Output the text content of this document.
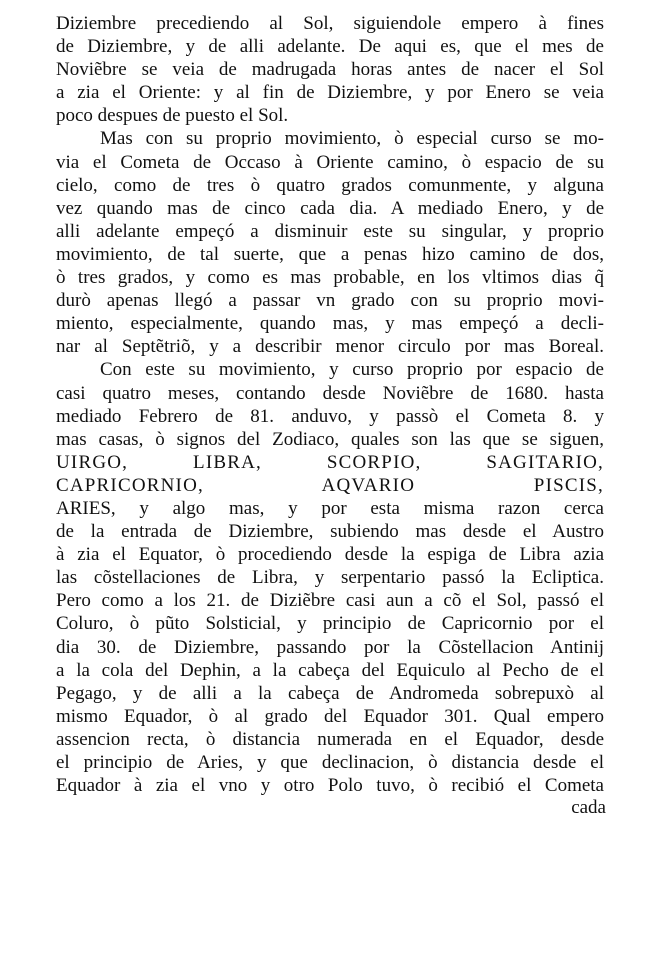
Diziembre precediendo al Sol, siguiendole empero à fines
de Diziembre, y de alli adelante. De aqui es, que el mes de
Noviẽbre se veia de madrugada horas antes de nacer el Sol
a zia el Oriente: y al fin de Diziembre, y por Enero se veia
poco despues de puesto el Sol.
Mas con su proprio movimiento, ò especial curso se mo-
via el Cometa de Occaso à Oriente camino, ò espacio de su
cielo, como de tres ò quatro grados comunmente, y alguna
vez quando mas de cinco cada dia. A mediado Enero, y de
alli adelante empeçó a disminuir este su singular, y proprio
movimiento, de tal suerte, que a penas hizo camino de dos,
ò tres grados, y como es mas probable, en los vltimos dias q̃
durò apenas llegó a passar vn grado con su proprio movi-
miento, especialmente, quando mas, y mas empeçó a decli-
nar al Septẽtriõ, y a describir menor circulo por mas Boreal.
Con este su movimiento, y curso proprio por espacio de
casi quatro meses, contando desde Noviẽbre de 1680. hasta
mediado Febrero de 81. anduvo, y passò el Cometa 8. y
mas casas, ò signos del Zodiaco, quales son las que se siguen,
UIRGO, LIBRA, SCORPIO, SAGITARIO,
CAPRICORNIO, AQVARIO PISCIS,
ARIES, y algo mas, y por esta misma razon cerca
de la entrada de Diziembre, subiendo mas desde el Austro
à zia el Equator, ò procediendo desde la espiga de Libra azia
las cõstellaciones de Libra, y serpentario passó la Ecliptica.
Pero como a los 21. de Diziẽbre casi aun a cõ el Sol, passó el
Coluro, ò pũto Solsticial, y principio de Capricornio por el
dia 30. de Diziembre, passando por la Cõstellacion Antinij
a la cola del Dephin, a la cabeça del Equiculo al Pecho de el
Pegago, y de alli a la cabeça de Andromeda sobrepuxò al
mismo Equador, ò al grado del Equador 301. Qual empero
assencion recta, ò distancia numerada en el Equador, desde
el principio de Aries, y que declinacion, ò distancia desde el
Equador à zia el vno y otro Polo tuvo, ò recibió el Cometa
cada
